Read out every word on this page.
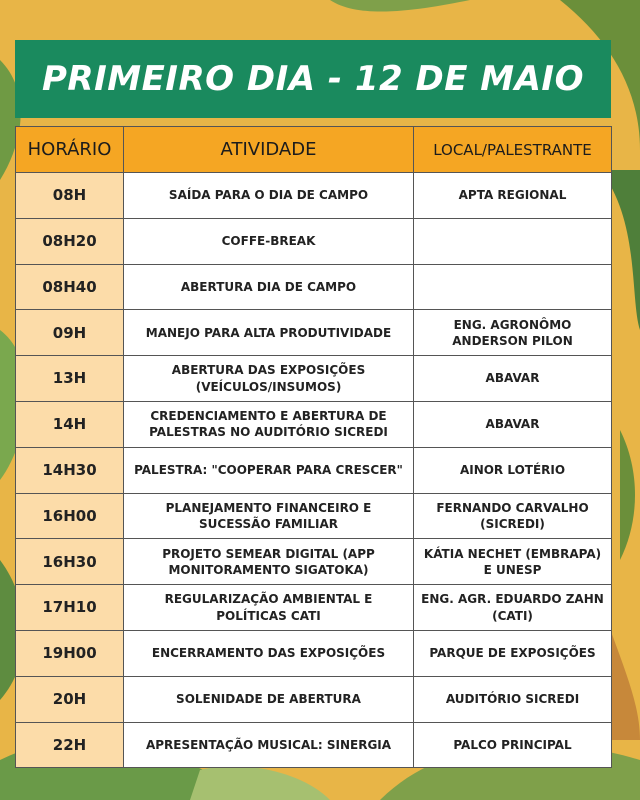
PRIMEIRO DIA - 12 DE MAIO
HORÁRIO	ATIVIDADE	LOCAL/PALESTRANTE
08H	SAÍDA PARA O DIA DE CAMPO	APTA REGIONAL
08H20	COFFE-BREAK	
08H40	ABERTURA DIA DE CAMPO	
09H	MANEJO PARA ALTA PRODUTIVIDADE	ENG. AGRONÔMO ANDERSON PILON
13H	ABERTURA DAS EXPOSIÇÕES (VEÍCULOS/INSUMOS)	ABAVAR
14H	CREDENCIAMENTO E ABERTURA DE PALESTRAS NO AUDITÓRIO SICREDI	ABAVAR
14H30	PALESTRA: "COOPERAR PARA CRESCER"	AINOR LOTÉRIO
16H00	PLANEJAMENTO FINANCEIRO E SUCESSÃO FAMILIAR	FERNANDO CARVALHO (SICREDI)
16H30	PROJETO SEMEAR DIGITAL (APP MONITORAMENTO SIGATOKA)	KÁTIA NECHET (EMBRAPA) E UNESP
17H10	REGULARIZAÇÃO AMBIENTAL E POLÍTICAS CATI	ENG. AGR. EDUARDO ZAHN (CATI)
19H00	ENCERRAMENTO DAS EXPOSIÇÕES	PARQUE DE EXPOSIÇÕES
20H	SOLENIDADE DE ABERTURA	AUDITÓRIO SICREDI
22H	APRESENTAÇÃO MUSICAL: SINERGIA	PALCO PRINCIPAL
